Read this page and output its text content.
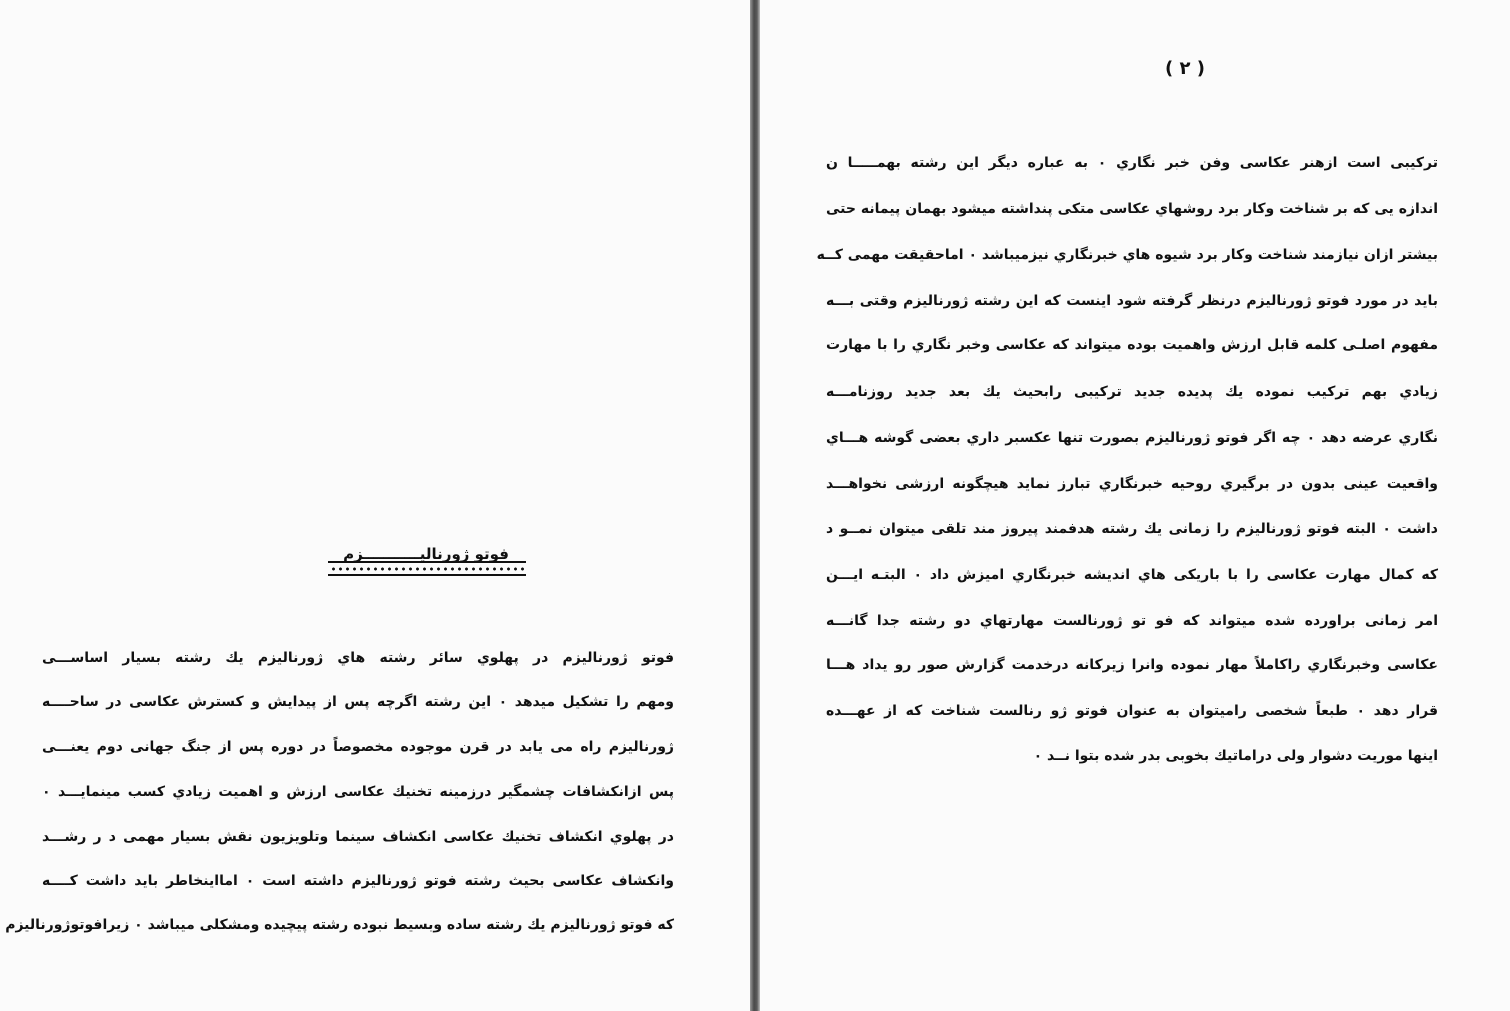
فوتو ژورنالیـــــــــــزم
فوتو ژورنالیزم در پهلوي سائر رشته هاي ژورنالیزم یك رشته بسیار اساســـی
ومهم را تشکیل میدهد ۰ این رشته اگرچه پس از پیدایش و کسترش عکاسی در ساحــــه
ژورنالیزم راه می یابد در قرن موجوده مخصوصاً در دوره پس از جنگ جهانی دوم یعنـــی
پس ازانکشافات چشمگیر درزمینه تخنیك عکاسی ارزش و اهمیت زیادي کسب مینمایـــد ۰
در پهلوي انکشاف تخنیك عکاسی انکشاف سینما وتلویزیون نقش بسیار مهمی د ر رشـــد
وانکشاف عکاسی بحیث رشته فوتو ژورنالیزم داشته است ۰ امااینخاطر باید داشت کــــه
که فوتو ژورنالیزم یك رشته ساده وبسیط نبوده رشته پیچیده ومشکلی میباشد ۰ زیرافوتوژورنالیزم
( ۲ )
ترکیبی است ازهنر عکاسی وفن خبر نگاري ۰ به عباره دیگر این رشته بهمـــــا ن
اندازه یی که بر شناخت وکار برد روشهاي عکاسی متکی پنداشته میشود بهمان پیمانه حتی
بیشتر ازان نیازمند شناخت وکار برد شیوه هاي خبرنگاري نیزمیباشد ۰ اماحقیقت مهمی کــه
باید در مورد فوتو ژورنالیزم درنظر گرفته شود اینست که این رشته ژورنالیزم وقتی بـــه
مفهوم اصلـی کلمه قابل ارزش واهمیت بوده میتواند که عکاسی وخبر نگاري را با مهارت
زیادي بهم ترکیب نموده یك پدیده جدید ترکیبی رابحیث یك بعد جدید روزنامـــه
نگاري عرضه دهد ۰ چه اگر فوتو ژورنالیزم بصورت تنها عکسبر داري بعضی گوشه هـــاي
واقعیت عینی بدون در برگیري روحیه خبرنگاري تبارز نماید هیچگونه ارزشی نخواهـــد
داشت ۰ البته فوتو ژورنالیزم را زمانی یك رشته هدفمند پیروز مند تلقی میتوان نمــو د
که کمال مهارت عکاسی را با باریکی هاي اندیشه خبرنگاري امیزش داد ۰ البتـه ایـــن
امر زمانی براورده شده میتواند که فو تو ژورنالست مهارتهاي دو رشته جدا گانـــه
عکاسی وخبرنگاري راکاملاً مهار نموده وانرا زیرکانه درخدمت گزارش صور رو یداد هـــا
قرار دهد ۰ طبعاً شخصی رامیتوان به عنوان فوتو ژو رنالست شناخت که از عهـــده
اینها موریت دشوار ولی دراماتیك بخوبی بدر شده بتوا نــد ۰
